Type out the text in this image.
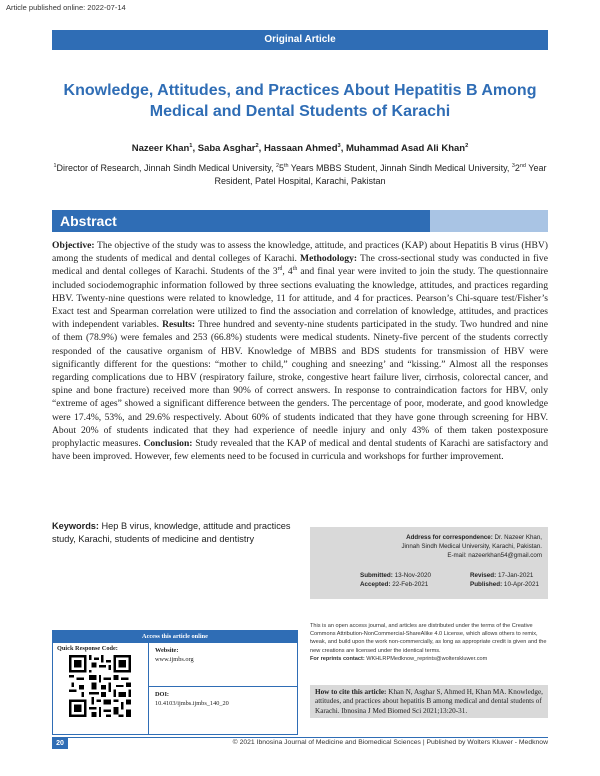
Article published online: 2022-07-14
Original Article
Knowledge, Attitudes, and Practices About Hepatitis B Among Medical and Dental Students of Karachi
Nazeer Khan$^1$, Saba Asghar$^2$, Hassaan Ahmed$^3$, Muhammad Asad Ali Khan$^2$
$^1$Director of Research, Jinnah Sindh Medical University, $^2$5th Years MBBS Student, Jinnah Sindh Medical University, $^3$2nd Year Resident, Patel Hospital, Karachi, Pakistan
Abstract
Objective: The objective of the study was to assess the knowledge, attitude, and practices (KAP) about Hepatitis B virus (HBV) among the students of medical and dental colleges of Karachi. Methodology: The cross-sectional study was conducted in five medical and dental colleges of Karachi. Students of the 3rd, 4th and final year were invited to join the study. The questionnaire included sociodemographic information followed by three sections evaluating the knowledge, attitudes, and practices regarding HBV. Twenty-nine questions were related to knowledge, 11 for attitude, and 4 for practices. Pearson’s Chi-square test/Fisher’s Exact test and Spearman correlation were utilized to find the association and correlation of knowledge, attitudes, and practices with independent variables. Results: Three hundred and seventy-nine students participated in the study. Two hundred and nine of them (78.9%) were females and 253 (66.8%) students were medical students. Ninety-five percent of the students correctly responded of the causative organism of HBV. Knowledge of MBBS and BDS students for transmission of HBV were significantly different for the questions: “mother to child,” coughing and sneezing’ and “kissing.” Almost all the responses regarding complications due to HBV (respiratory failure, stroke, congestive heart failure liver, cirrhosis, colorectal cancer, and spine and bone fracture) received more than 90% of correct answers. In response to contraindication factors for HBV, only “extreme of ages” showed a significant difference between the genders. The percentage of poor, moderate, and good knowledge were 17.4%, 53%, and 29.6% respectively. About 60% of students indicated that they have gone through screening for HBV. About 20% of students indicated that they had experience of needle injury and only 43% of them taken postexposure prophylactic measures. Conclusion: Study revealed that the KAP of medical and dental students of Karachi are satisfactory and have been improved. However, few elements need to be focused in curricula and workshops for further improvement.
Keywords: Hep B virus, knowledge, attitude and practices study, Karachi, students of medicine and dentistry	Address for correspondence: Dr. Nazeer Khan,
Jinnah Sindh Medical University, Karachi, Pakistan.
E-mail: nazeerkhan54@gmail.com
Submitted: 13-Nov-2020	Revised: 17-Jan-2021
Accepted: 22-Feb-2021	Published: 10-Apr-2021
Access this article online
Quick Response Code:	Website:
www.ijmbs.org
DOI:
10.4103/ijmbs.ijmbs_140_20
This is an open access journal, and articles are distributed under the terms of the Creative Commons Attribution-NonCommercial-ShareAlike 4.0 License, which allows others to remix, tweak, and build upon the work non-commercially, as long as appropriate credit is given and the new creations are licensed under the identical terms.
For reprints contact: WKHLRPMedknow_reprints@wolterskluwer.com
How to cite this article: Khan N, Asghar S, Ahmed H, Khan MA. Knowledge, attitudes, and practices about hepatitis B among medical and dental students of Karachi. Ibnosina J Med Biomed Sci 2021;13:20-31.
20	© 2021 Ibnosina Journal of Medicine and Biomedical Sciences | Published by Wolters Kluwer - Medknow
